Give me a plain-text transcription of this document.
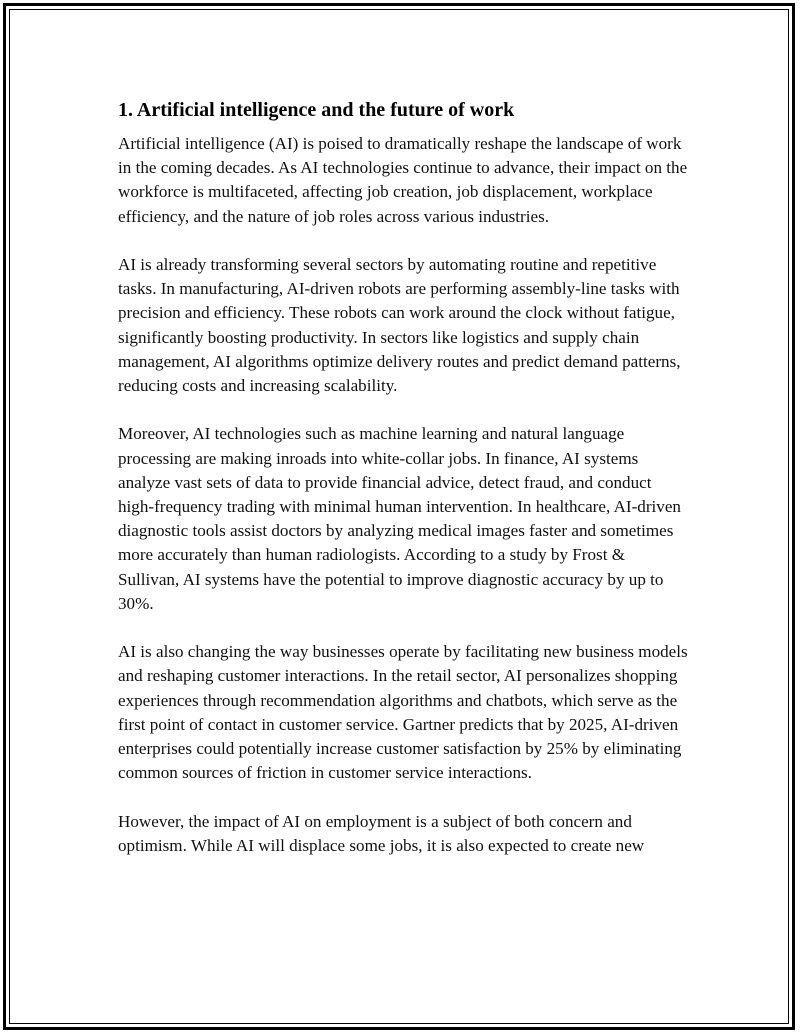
1. Artificial intelligence and the future of work

Artificial intelligence (AI) is poised to dramatically reshape the landscape of work in the coming decades. As AI technologies continue to advance, their impact on the workforce is multifaceted, affecting job creation, job displacement, workplace efficiency, and the nature of job roles across various industries.

AI is already transforming several sectors by automating routine and repetitive tasks. In manufacturing, AI-driven robots are performing assembly-line tasks with precision and efficiency. These robots can work around the clock without fatigue, significantly boosting productivity. In sectors like logistics and supply chain management, AI algorithms optimize delivery routes and predict demand patterns, reducing costs and increasing scalability.

Moreover, AI technologies such as machine learning and natural language processing are making inroads into white-collar jobs. In finance, AI systems analyze vast sets of data to provide financial advice, detect fraud, and conduct high-frequency trading with minimal human intervention. In healthcare, AI-driven diagnostic tools assist doctors by analyzing medical images faster and sometimes more accurately than human radiologists. According to a study by Frost & Sullivan, AI systems have the potential to improve diagnostic accuracy by up to 30%.

AI is also changing the way businesses operate by facilitating new business models and reshaping customer interactions. In the retail sector, AI personalizes shopping experiences through recommendation algorithms and chatbots, which serve as the first point of contact in customer service. Gartner predicts that by 2025, AI-driven enterprises could potentially increase customer satisfaction by 25% by eliminating common sources of friction in customer service interactions.

However, the impact of AI on employment is a subject of both concern and optimism. While AI will displace some jobs, it is also expected to create new
